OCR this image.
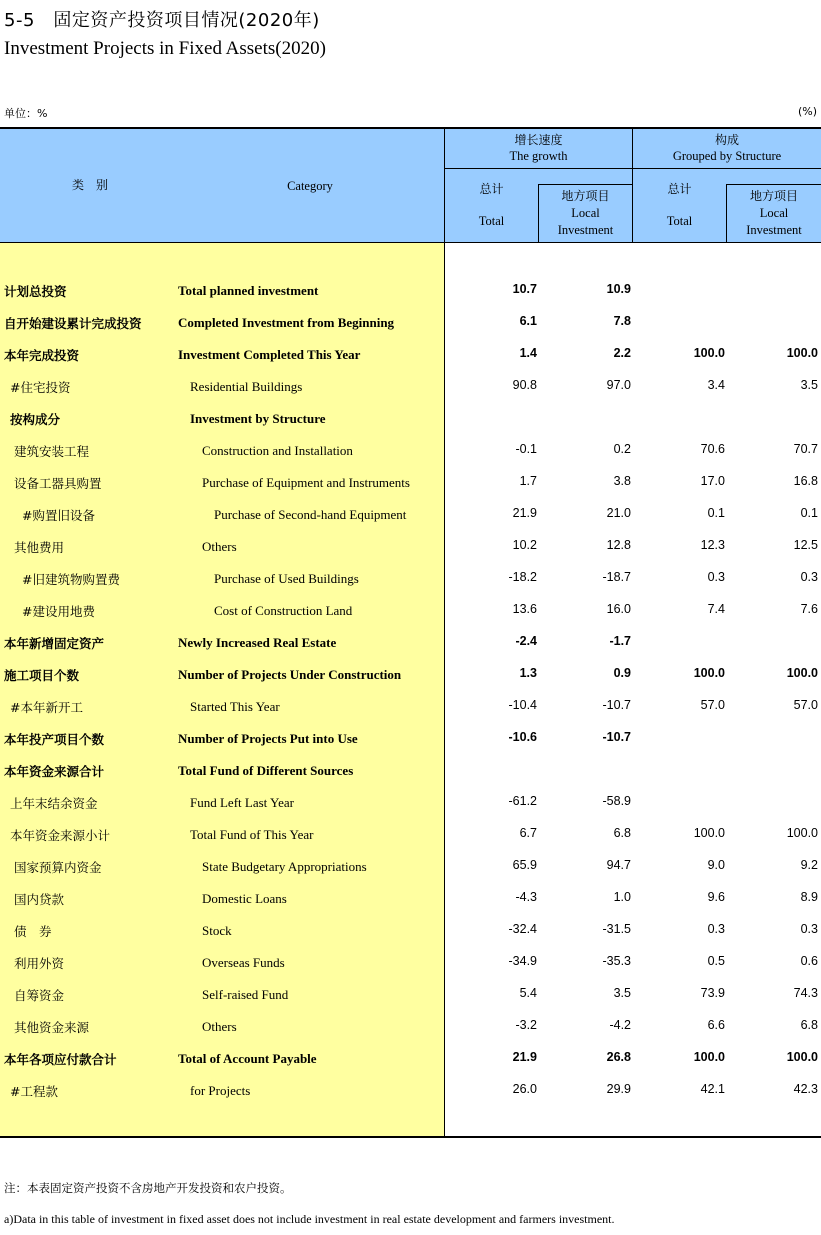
5-5　固定资产投资项目情况(2020年)
Investment Projects in Fixed Assets(2020)
单位：%	(%)
类　别	Category
增长速度
The growth
构成
Grouped by Structure
总计
Total
地方项目
Local
Investment
总计
Total
地方项目
Local
Investment
计划总投资	Total planned investment	10.7	10.9
自开始建设累计完成投资	Completed Investment from Beginning	6.1	7.8
本年完成投资	Investment Completed This Year	1.4	2.2	100.0	100.0
#住宅投资	Residential Buildings	90.8	97.0	3.4	3.5
按构成分	Investment by Structure
建筑安装工程	Construction and Installation	-0.1	0.2	70.6	70.7
设备工器具购置	Purchase of Equipment and Instruments	1.7	3.8	17.0	16.8
#购置旧设备	Purchase of Second-hand Equipment	21.9	21.0	0.1	0.1
其他费用	Others	10.2	12.8	12.3	12.5
#旧建筑物购置费	Purchase of Used Buildings	-18.2	-18.7	0.3	0.3
#建设用地费	Cost of Construction Land	13.6	16.0	7.4	7.6
本年新增固定资产	Newly Increased Real Estate	-2.4	-1.7
施工项目个数	Number of Projects Under Construction	1.3	0.9	100.0	100.0
#本年新开工	Started This Year	-10.4	-10.7	57.0	57.0
本年投产项目个数	Number of Projects Put into Use	-10.6	-10.7
本年资金来源合计	Total Fund of Different Sources
上年末结余资金	Fund Left Last Year	-61.2	-58.9
本年资金来源小计	Total Fund of This Year	6.7	6.8	100.0	100.0
国家预算内资金	State Budgetary Appropriations	65.9	94.7	9.0	9.2
国内贷款	Domestic Loans	-4.3	1.0	9.6	8.9
债　券	Stock	-32.4	-31.5	0.3	0.3
利用外资	Overseas Funds	-34.9	-35.3	0.5	0.6
自筹资金	Self-raised Fund	5.4	3.5	73.9	74.3
其他资金来源	Others	-3.2	-4.2	6.6	6.8
本年各项应付款合计	Total of Account Payable	21.9	26.8	100.0	100.0
#工程款	for Projects	26.0	29.9	42.1	42.3
注：本表固定资产投资不含房地产开发投资和农户投资。
a)Data in this table of investment in fixed asset does not include investment in real estate development and farmers investment.
